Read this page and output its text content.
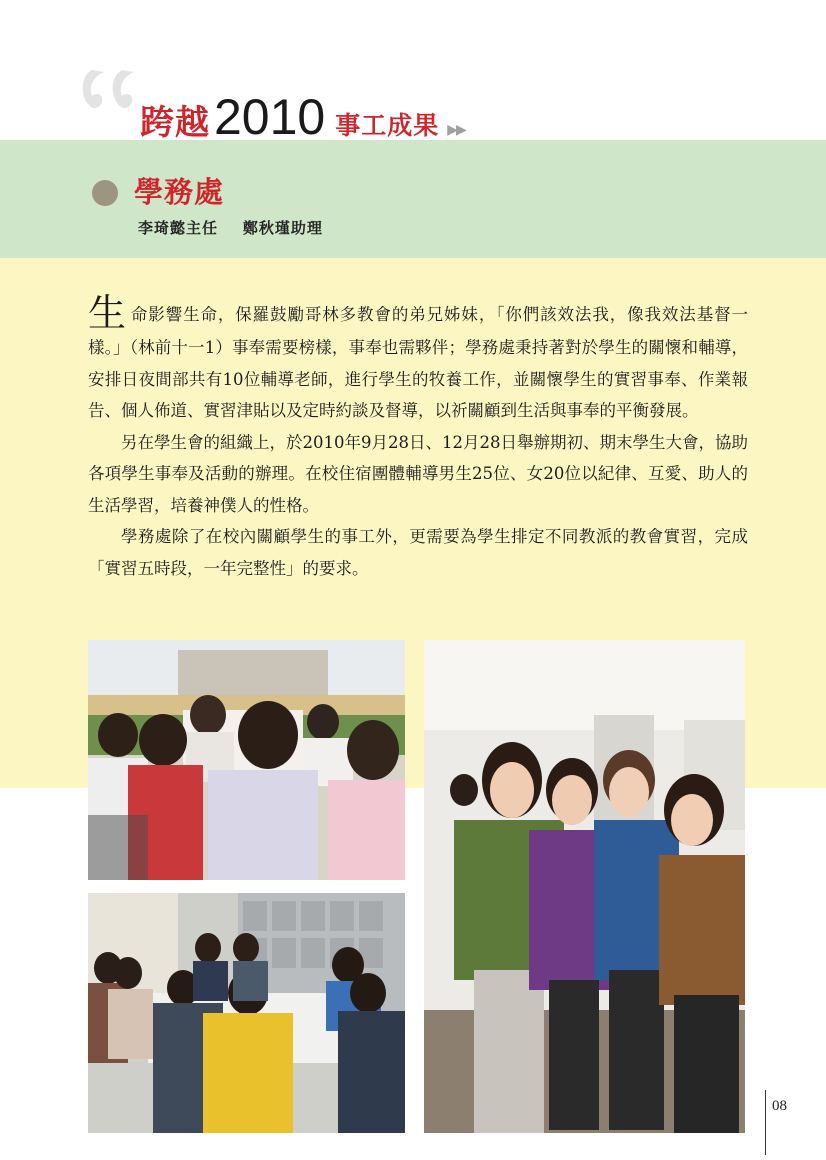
跨越 2010 事工成果 ▶▶
學務處
李琦懿主任    鄭秋瑾助理

生命影響生命，保羅鼓勵哥林多教會的弟兄姊妹，「你們該效法我，像我效法基督一樣。」（林前十一1）事奉需要榜樣，事奉也需夥伴；學務處秉持著對於學生的關懷和輔導，安排日夜間部共有10位輔導老師，進行學生的牧養工作，並關懷學生的實習事奉、作業報告、個人佈道、實習津貼以及定時約談及督導，以祈關顧到生活與事奉的平衡發展。

另在學生會的組織上，於2010年9月28日、12月28日舉辦期初、期末學生大會，協助各項學生事奉及活動的辦理。在校住宿團體輔導男生25位、女20位以紀律、互愛、助人的生活學習，培養神僕人的性格。

學務處除了在校內關顧學生的事工外，更需要為學生排定不同教派的教會實習，完成「實習五時段，一年完整性」的要求。

08
